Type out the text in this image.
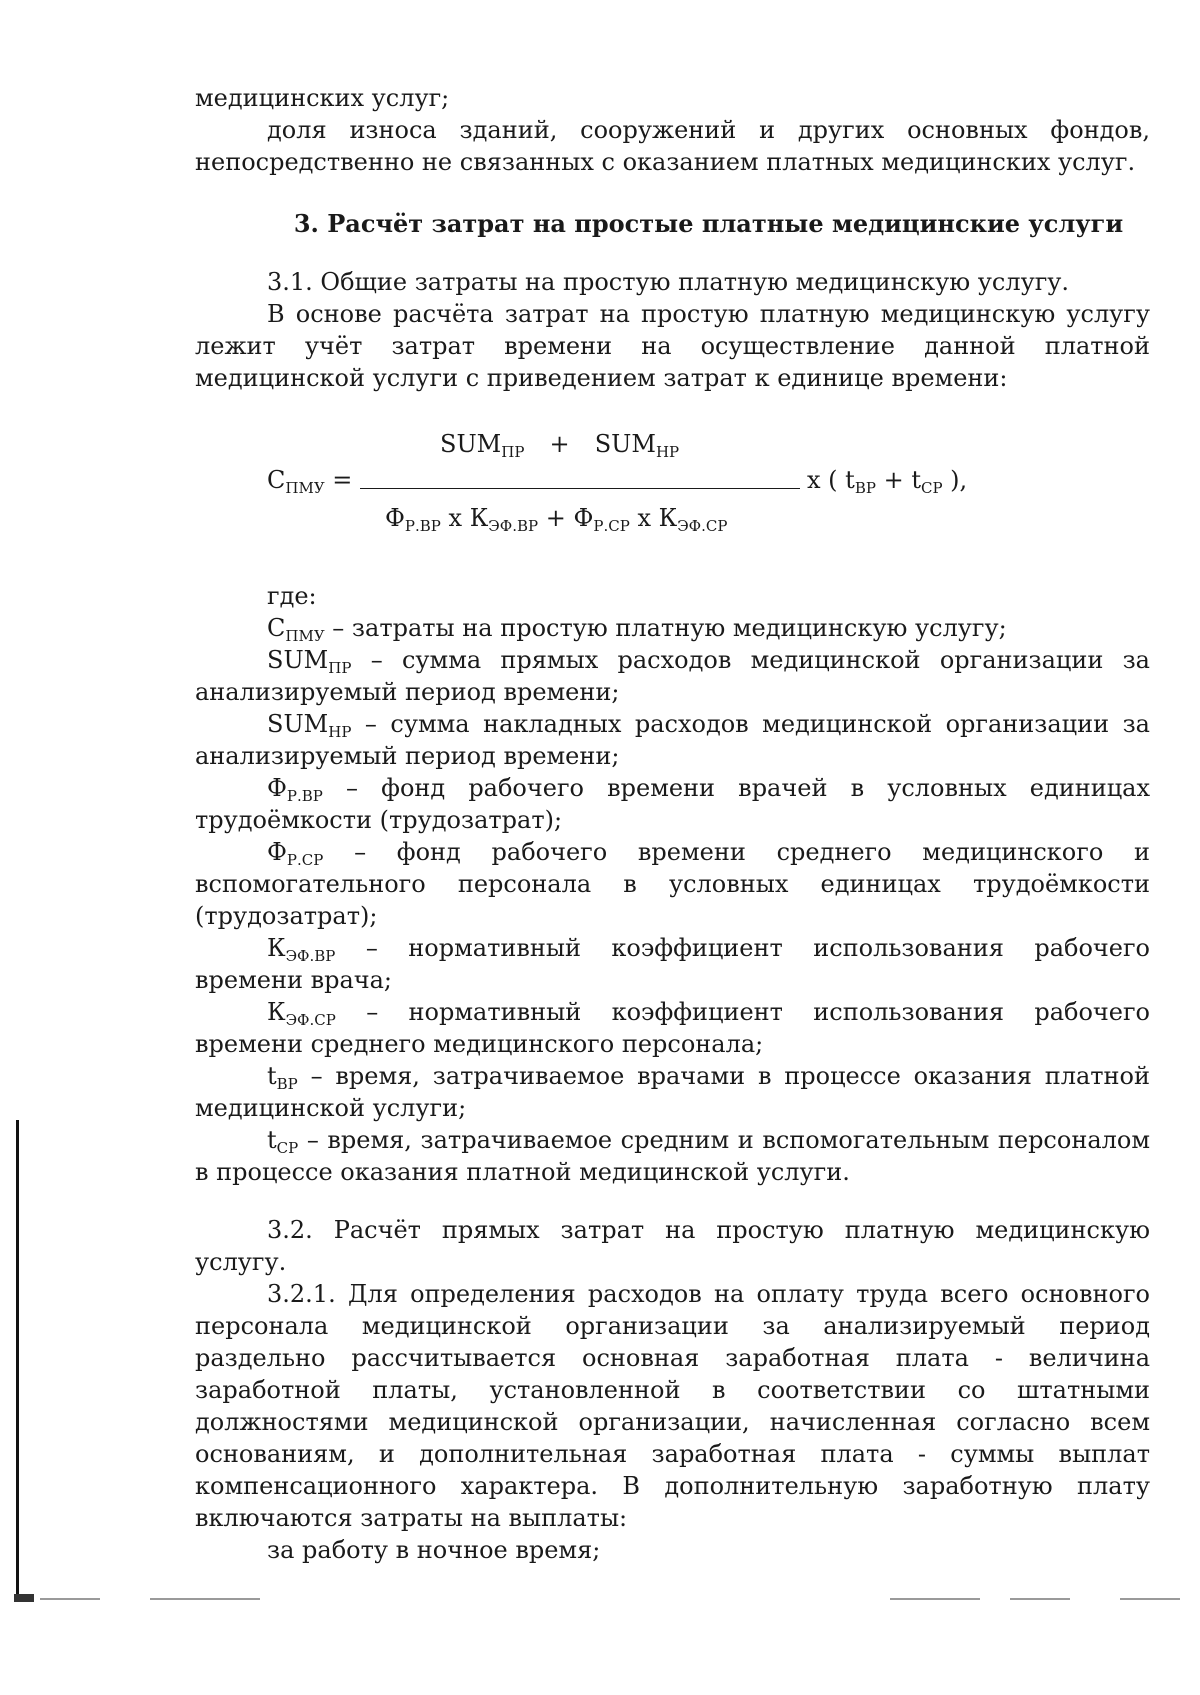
медицинских услуг;

доля износа зданий, сооружений и других основных фондов, непосредственно не связанных с оказанием платных медицинских услуг.

3. Расчёт затрат на простые платные медицинские услуги

3.1. Общие затраты на простую платную медицинскую услугу.

В основе расчёта затрат на простую платную медицинскую услугу лежит учёт затрат времени на осуществление данной платной медицинской услуги с приведением затрат к единице времени:

$SUM_{ПР} + SUM_{НР}$
$С_{ПМУ}$ =	х ( $t_{ВР} + t_{СР}$ ),
$Ф_{Р.ВР}$ х $К_{ЭФ.ВР} + Ф_{Р.СР}$ х $К_{ЭФ.СР}$

где:

$С_{ПМУ}$ – затраты на простую платную медицинскую услугу;

$SUM_{ПР}$ – сумма прямых расходов медицинской организации за анализируемый период времени;

$SUM_{НР}$ – сумма накладных расходов медицинской организации за анализируемый период времени;

$Ф_{Р.ВР}$ – фонд рабочего времени врачей в условных единицах трудоёмкости (трудозатрат);

$Ф_{Р.СР}$ – фонд рабочего времени среднего медицинского и вспомогательного персонала в условных единицах трудоёмкости (трудозатрат);

$К_{ЭФ.ВР}$ – нормативный коэффициент использования рабочего времени врача;

$К_{ЭФ.СР}$ – нормативный коэффициент использования рабочего времени среднего медицинского персонала;

$t_{ВР}$ – время, затрачиваемое врачами в процессе оказания платной медицинской услуги;

$t_{СР}$ – время, затрачиваемое средним и вспомогательным персоналом в процессе оказания платной медицинской услуги.

3.2. Расчёт прямых затрат на простую платную медицинскую услугу.

3.2.1. Для определения расходов на оплату труда всего основного персонала медицинской организации за анализируемый период раздельно рассчитывается основная заработная плата - величина заработной платы, установленной в соответствии со штатными должностями медицинской организации, начисленная согласно всем основаниям, и дополнительная заработная плата - суммы выплат компенсационного характера. В дополнительную заработную плату включаются затраты на выплаты:

за работу в ночное время;
